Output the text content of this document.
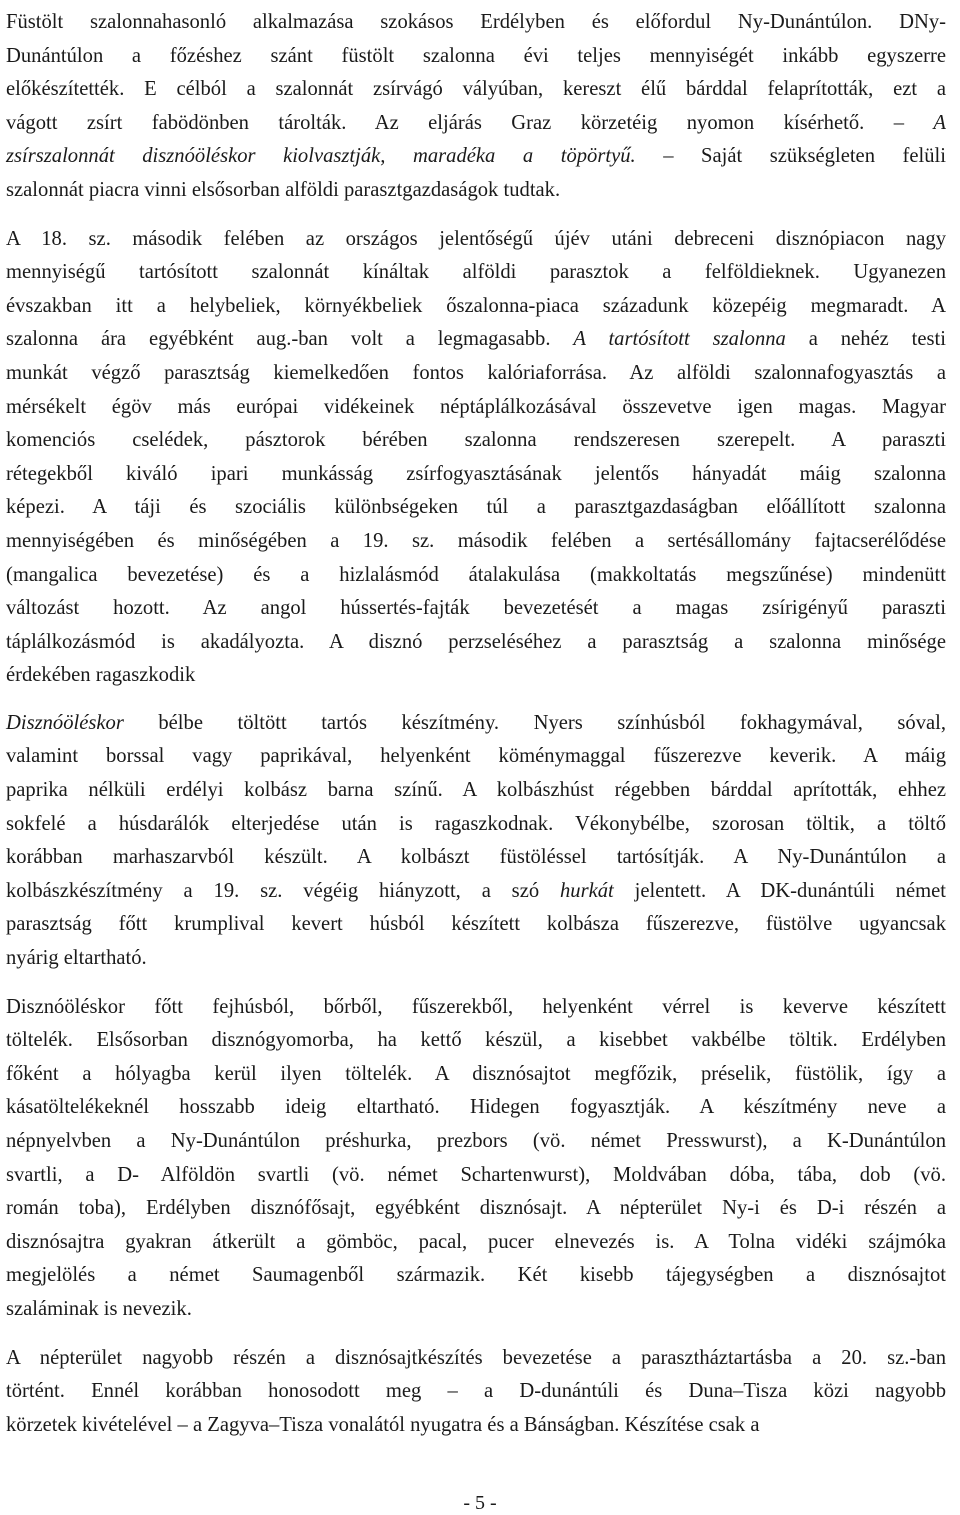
Füstölt szalonnahasonló alkalmazása szokásos Erdélyben és előfordul Ny-Dunántúlon. DNy-
Dunántúlon a főzéshez szánt füstölt szalonna évi teljes mennyiségét inkább egyszerre
előkészítették. E célból a szalonnát zsírvágó vályúban, kereszt élű bárddal felaprították, ezt a
vágott zsírt fabödönben tárolták. Az eljárás Graz körzetéig nyomon kísérhető. – A
zsírszalonnát disznóöléskor kiolvasztják, maradéka a töpörtyű. – Saját szükségleten felüli
szalonnát piacra vinni elsősorban alföldi parasztgazdaságok tudtak.

A 18. sz. második felében az országos jelentőségű újév utáni debreceni disznópiacon nagy
mennyiségű tartósított szalonnát kínáltak alföldi parasztok a felföldieknek. Ugyanezen
évszakban itt a helybeliek, környékbeliek őszalonna-piaca századunk közepéig megmaradt. A
szalonna ára egyébként aug.-ban volt a legmagasabb. A tartósított szalonna a nehéz testi
munkát végző parasztság kiemelkedően fontos kalóriaforrása. Az alföldi szalonnafogyasztás a
mérsékelt égöv más európai vidékeinek néptáplálkozásával összevetve igen magas. Magyar
komenciós cselédek, pásztorok bérében szalonna rendszeresen szerepelt. A paraszti
rétegekből kiváló ipari munkásság zsírfogyasztásának jelentős hányadát máig szalonna
képezi. A táji és szociális különbségeken túl a parasztgazdaságban előállított szalonna
mennyiségében és minőségében a 19. sz. második felében a sertésállomány fajtacserélődése
(mangalica bevezetése) és a hizlalásmód átalakulása (makkoltatás megszűnése) mindenütt
változást hozott. Az angol hússertés-fajták bevezetését a magas zsírigényű paraszti
táplálkozásmód is akadályozta. A disznó perzseléséhez a parasztság a szalonna minősége
érdekében ragaszkodik

Disznóöléskor bélbe töltött tartós készítmény. Nyers színhúsból fokhagymával, sóval,
valamint borssal vagy paprikával, helyenként köménymaggal fűszerezve keverik. A máig
paprika nélküli erdélyi kolbász barna színű. A kolbászhúst régebben bárddal aprították, ehhez
sokfelé a húsdarálók elterjedése után is ragaszkodnak. Vékonybélbe, szorosan töltik, a töltő
korábban marhaszarvból készült. A kolbászt füstöléssel tartósítják. A Ny-Dunántúlon a
kolbászkészítmény a 19. sz. végéig hiányzott, a szó hurkát jelentett. A DK-dunántúli német
parasztság főtt krumplival kevert húsból készített kolbásza fűszerezve, füstölve ugyancsak
nyárig eltartható.

Disznóöléskor főtt fejhúsból, bőrből, fűszerekből, helyenként vérrel is keverve készített
töltelék. Elsősorban disznógyomorba, ha kettő készül, a kisebbet vakbélbe töltik. Erdélyben
főként a hólyagba kerül ilyen töltelék. A disznósajtot megfőzik, préselik, füstölik, így a
kásatöltelékeknél hosszabb ideig eltartható. Hidegen fogyasztják. A készítmény neve a
népnyelvben a Ny-Dunántúlon préshurka, prezbors (vö. német Presswurst), a K-Dunántúlon
svartli, a D- Alföldön svartli (vö. német Schartenwurst), Moldvában dóba, tába, dob (vö.
román toba), Erdélyben disznófősajt, egyébként disznósajt. A népterület Ny-i és D-i részén a
disznósajtra gyakran átkerült a gömböc, pacal, pucer elnevezés is. A Tolna vidéki szájmóka
megjelölés a német Saumagenből származik. Két kisebb tájegységben a disznósajtot
szaláminak is nevezik.

A népterület nagyobb részén a disznósajtkészítés bevezetése a parasztháztartásba a 20. sz.-ban
történt. Ennél korábban honosodott meg – a D-dunántúli és Duna–Tisza közi nagyobb
körzetek kivételével – a Zagyva–Tisza vonalától nyugatra és a Bánságban. Készítése csak a

- 5 -
